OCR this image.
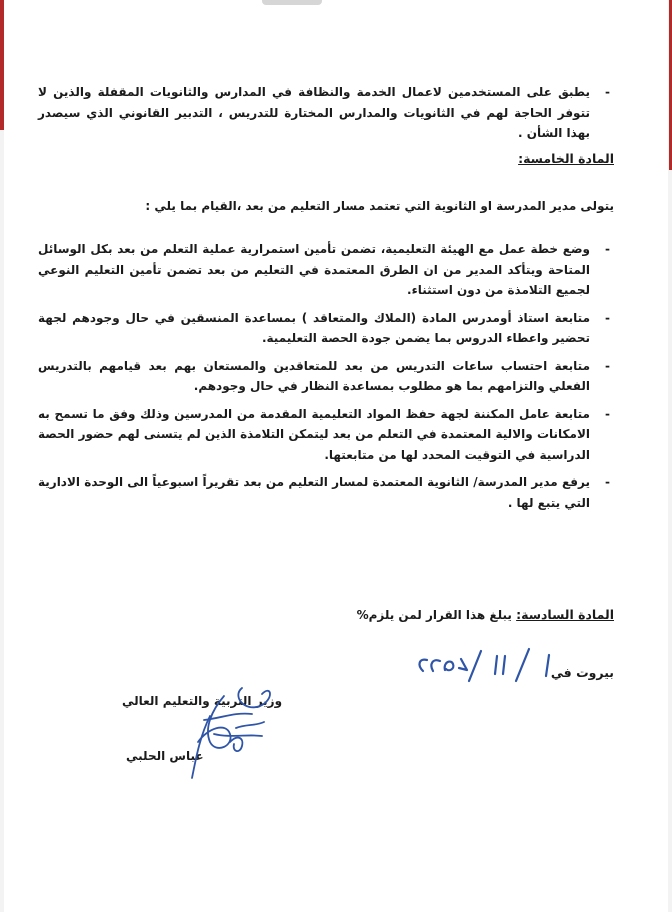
- يطبق على المستخدمين لاعمال الخدمة والنظافة في المدارس والثانويات المقفلة والذين لا تتوفر الحاجة لهم في الثانويات والمدارس المختارة للتدريس ، التدبير القانوني الذي سيصدر بهذا الشأن .
المادة الخامسة:
يتولى مدير المدرسة او الثانوية التي تعتمد مسار التعليم من بعد ،القيام بما يلي :
- وضع خطة عمل مع الهيئة التعليمية، تضمن تأمين استمرارية عملية التعلم من بعد بكل الوسائل المتاحة ويتأكد المدير من ان الطرق المعتمدة في التعليم من بعد تضمن تأمين التعليم النوعي لجميع التلامذة من دون استثناء.
- متابعة استاذ أومدرس المادة (الملاك والمتعاقد ) بمساعدة المنسقين في حال وجودهم لجهة تحضير واعطاء الدروس بما يضمن جودة الحصة التعليمية.
- متابعة احتساب ساعات التدريس من بعد للمتعاقدين والمستعان بهم بعد قيامهم بالتدريس الفعلي والتزامهم بما هو مطلوب بمساعدة النظار في حال وجودهم.
- متابعة عامل المكننة لجهة حفظ المواد التعليمية المقدمة من المدرسين وذلك وفق ما تسمح به الامكانات والالية المعتمدة في التعلم من بعد ليتمكن التلامذة الذين لم يتسنى لهم حضور الحصة الدراسية في التوقيت المحدد لها من متابعتها.
- يرفع مدير المدرسة/ الثانوية المعتمدة لمسار التعليم من بعد تقريراً اسبوعياً الى الوحدة الادارية التي يتبع لها .
المادة السادسة: يبلغ هذا القرار لمن يلزم%
بيروت في
وزير التربية والتعليم العالي
عباس الحلبي
